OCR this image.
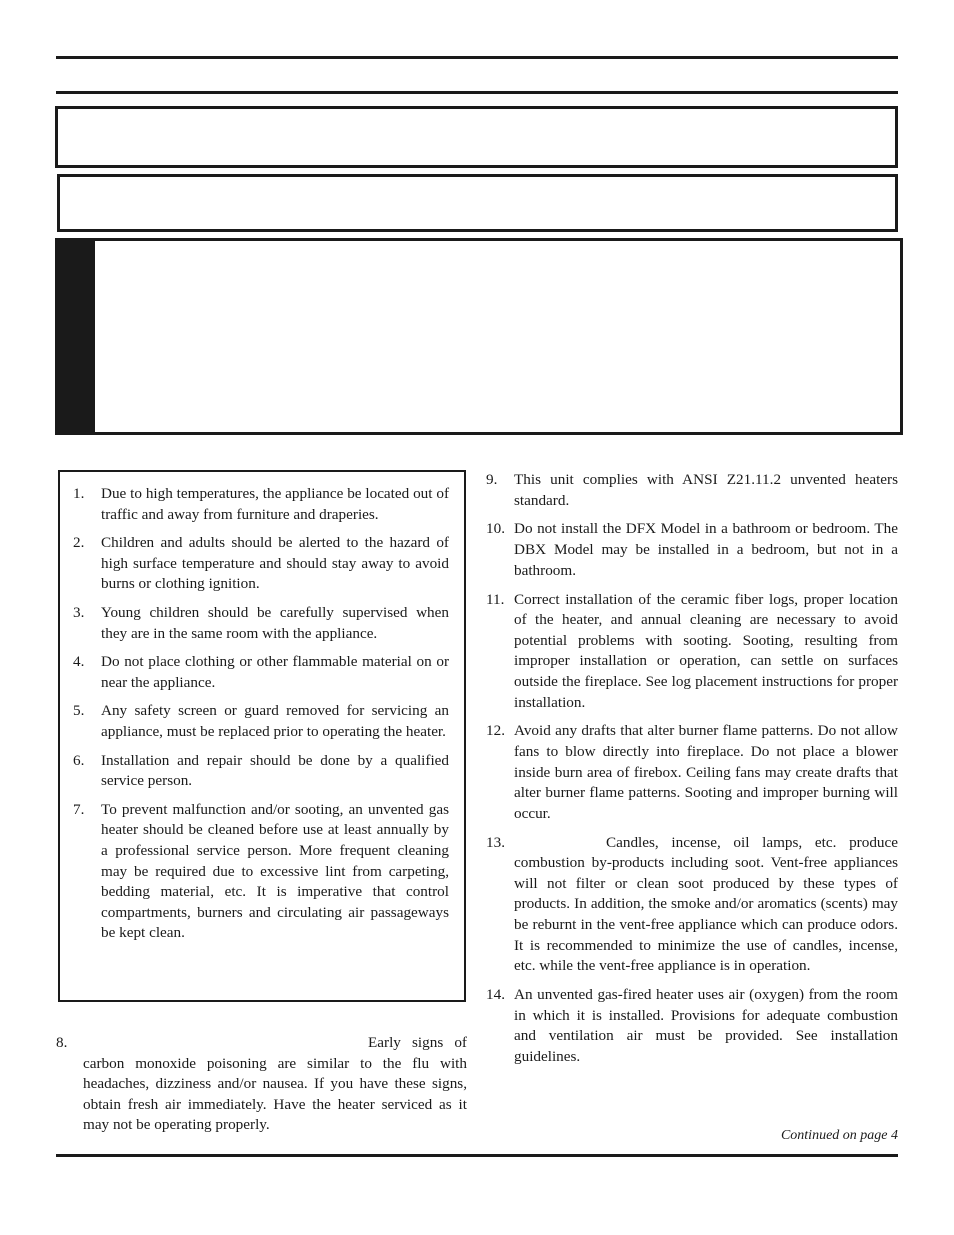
1. Due to high temperatures, the appliance be located out of traffic and away from furniture and draperies.
2. Children and adults should be alerted to the hazard of high surface temperature and should stay away to avoid burns or clothing ignition.
3. Young children should be carefully supervised when they are in the same room with the appliance.
4. Do not place clothing or other flammable material on or near the appliance.
5. Any safety screen or guard removed for servicing an appliance, must be replaced prior to operating the heater.
6. Installation and repair should be done by a qualified service person.
7. To prevent malfunction and/or sooting, an unvented gas heater should be cleaned before use at least annually by a professional service person. More frequent cleaning may be required due to excessive lint from carpeting, bedding material, etc. It is imperative that control compartments, burners and circulating air passageways be kept clean.
8.	Early signs of carbon monoxide poisoning are similar to the flu with headaches, dizziness and/or nausea. If you have these signs, obtain fresh air immediately. Have the heater serviced as it may not be operating properly.
9. This unit complies with ANSI Z21.11.2 unvented heaters standard.
10. Do not install the DFX Model in a bathroom or bedroom. The DBX Model may be installed in a bedroom, but not in a bathroom.
11. Correct installation of the ceramic fiber logs, proper location of the heater, and annual cleaning are necessary to avoid potential problems with sooting. Sooting, resulting from improper installation or operation, can settle on surfaces outside the fireplace. See log placement instructions for proper installation.
12. Avoid any drafts that alter burner flame patterns. Do not allow fans to blow directly into fireplace. Do not place a blower inside burn area of firebox. Ceiling fans may create drafts that alter burner flame patterns. Sooting and improper burning will occur.
13.	Candles, incense, oil lamps, etc. produce combustion by-products including soot. Vent-free appliances will not filter or clean soot produced by these types of products. In addition, the smoke and/or aromatics (scents) may be reburnt in the vent-free appliance which can produce odors. It is recommended to minimize the use of candles, incense, etc. while the vent-free appliance is in operation.
14. An unvented gas-fired heater uses air (oxygen) from the room in which it is installed. Provisions for adequate combustion and ventilation air must be provided. See installation guidelines.
Continued on page 4
